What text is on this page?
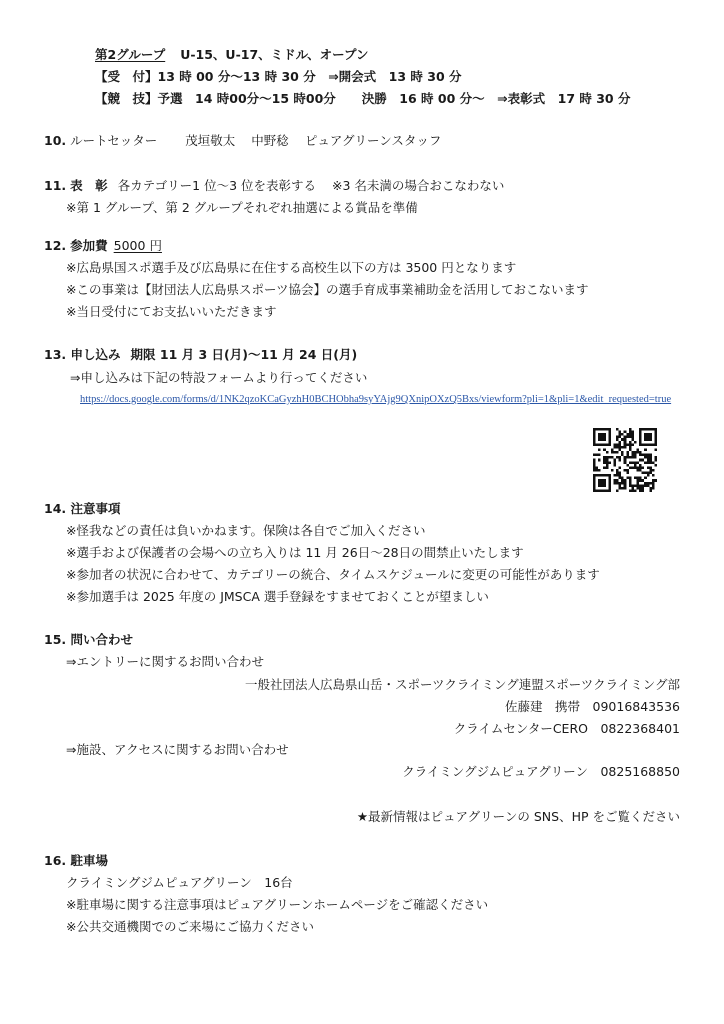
第2グループ U-15、U-17、ミドル、オープン
【受　付】13 時 00 分～13 時 30 分　⇒開会式　13 時 30 分
【競　技】予選　14 時00分～15 時00分 決勝　16 時 00 分～　⇒表彰式　17 時 30 分
10. ルートセッター 茂垣敬太 中野稔 ピュアグリーンスタッフ
11. 表　彰 各カテゴリー1 位～3 位を表彰する ※3 名未満の場合おこなわない
※第 1 グループ、第 2 グループそれぞれ抽選による賞品を準備
12. 参加費 5000 円
※広島県国スポ選手及び広島県に在住する高校生以下の方は 3500 円となります
※この事業は【財団法人広島県スポーツ協会】の選手育成事業補助金を活用しておこないます
※当日受付にてお支払いいただきます
13. 申し込み 期限 11 月 3 日(月)～11 月 24 日(月)
⇒申し込みは下記の特設フォームより行ってください
https://docs.google.com/forms/d/1NK2qzoKCaGyzhH0BCHObha9syYAjg9QXnipOXzQ5Bxs/viewform?pli=1&pli=1&edit_requested=true
14. 注意事項
※怪我などの責任は負いかねます。保険は各自でご加入ください
※選手および保護者の会場への立ち入りは 11 月 26日～28日の間禁止いたします
※参加者の状況に合わせて、カテゴリーの統合、タイムスケジュールに変更の可能性があります
※参加選手は 2025 年度の JMSCA 選手登録をすませておくことが望ましい
15. 問い合わせ
⇒エントリーに関するお問い合わせ
一般社団法人広島県山岳・スポーツクライミング連盟スポーツクライミング部
佐藤建　携帯　09016843536
クライムセンターCERO　0822368401
⇒施設、アクセスに関するお問い合わせ
クライミングジムピュアグリーン　0825168850
★最新情報はピュアグリーンの SNS、HP をご覧ください
16. 駐車場
クライミングジムピュアグリーン　16台
※駐車場に関する注意事項はピュアグリーンホームページをご確認ください
※公共交通機関でのご来場にご協力ください
